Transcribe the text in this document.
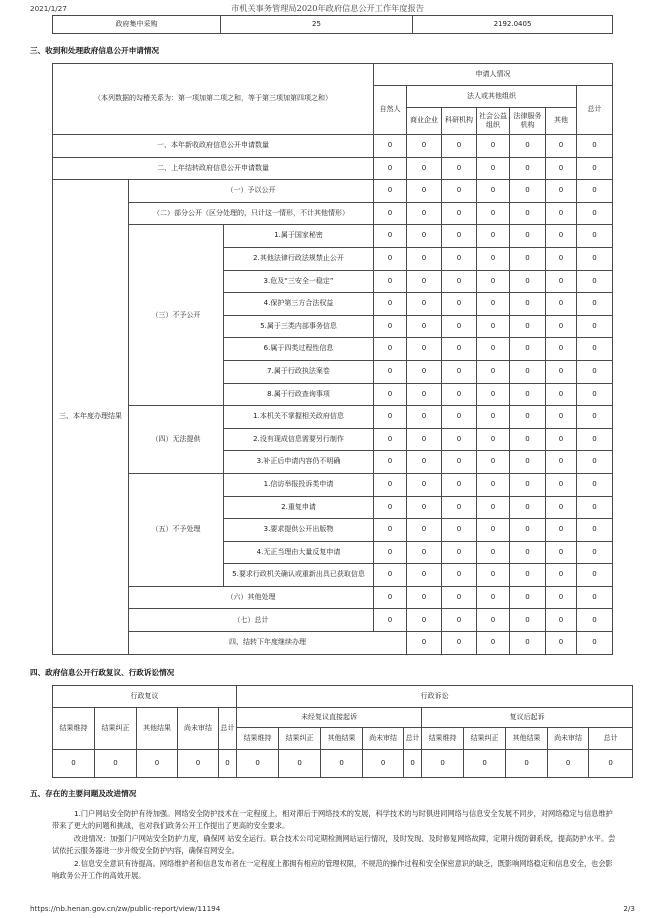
2021/1/27	市机关事务管理局2020年政府信息公开工作年度报告
政府集中采购	25	2192.0405
三、收到和处理政府信息公开申请情况
（本列数据的勾稽关系为：第一项加第二项之和，等于第三项加第四项之和）			申请人情况							
			自然人	法人或其他组织					总计	
				商业企业	科研机构	社会公益组织	法律服务机构	其他		
一、本年新收政府信息公开申请数量			0	0	0	0	0	0	0	
二、上年结转政府信息公开申请数量			0	0	0	0	0	0	0	
三、本年度办理结果	（一）予以公开		0	0	0	0	0	0	0	
	（二）部分公开（区分处理的，只计这一情形，不计其他情形）		0	0	0	0	0	0	0	
	（三）不予公开	1.属于国家秘密	0	0	0	0	0	0	0	
		2.其他法律行政法规禁止公开	0	0	0	0	0	0	0	
		3.危及“三安全一稳定”	0	0	0	0	0	0	0	
		4.保护第三方合法权益	0	0	0	0	0	0	0	
		5.属于三类内部事务信息	0	0	0	0	0	0	0	
		6.属于四类过程性信息	0	0	0	0	0	0	0	
		7.属于行政执法案卷	0	0	0	0	0	0	0	
		8.属于行政查询事项	0	0	0	0	0	0	0	
	（四）无法提供	1.本机关不掌握相关政府信息	0	0	0	0	0	0	0	
		2.没有现成信息需要另行制作	0	0	0	0	0	0	0	
		3.补正后申请内容仍不明确	0	0	0	0	0	0	0	
	（五）不予处理	1.信访举报投诉类申请	0	0	0	0	0	0	0	
		2.重复申请	0	0	0	0	0	0	0	
		3.要求提供公开出版物	0	0	0	0	0	0	0	
		4.无正当理由大量反复申请	0	0	0	0	0	0	0	
		5.要求行政机关确认或重新出具已获取信息	0	0	0	0	0	0	0	
	（六）其他处理		0	0	0	0	0	0	0	
	（七）总计		0	0	0	0	0	0	0	
	四、结转下年度继续办理			0	0	0	0	0	0	
四、政府信息公开行政复议、行政诉讼情况
行政复议					行政诉讼									
结果维持	结果纠正	其他结果	尚未审结	总计	未经复议直接起诉					复议后起诉				
					结果维持	结果纠正	其他结果	尚未审结	总计	结果维持	结果纠正	其他结果	尚未审结	总计
0	0	0	0	0	0	0	0	0	0	0	0	0	0	0
五、存在的主要问题及改进情况

1.门户网站安全防护有待加强。网络安全防护技术在一定程度上，相对滞后于网络技术的发展，科学技术的与时俱进同网络与信息安全发展不同步，对网络稳定与信息维护带来了更大的问题和挑战，也对我们政务公开工作提出了更高的安全要求。

改进情况：加强门户网站安全防护力度，确保网 站安全运行。联合技术公司定期检测网站运行情况，及时发现、及时修复网络故障，定期升级防御系统，提高防护水平。尝试依托云服务器进一步升级安全防护内容，确保官网安全。

2.信息安全意识有待提高。网络维护者和信息发布者在一定程度上都拥有相应的管理权限，不规范的操作过程和安全保密意识的缺乏，既影响网络稳定和信息安全，也会影响政务公开工作的高效开展。

https://nb.henan.gov.cn/zw/public-report/view/11194	2/3
